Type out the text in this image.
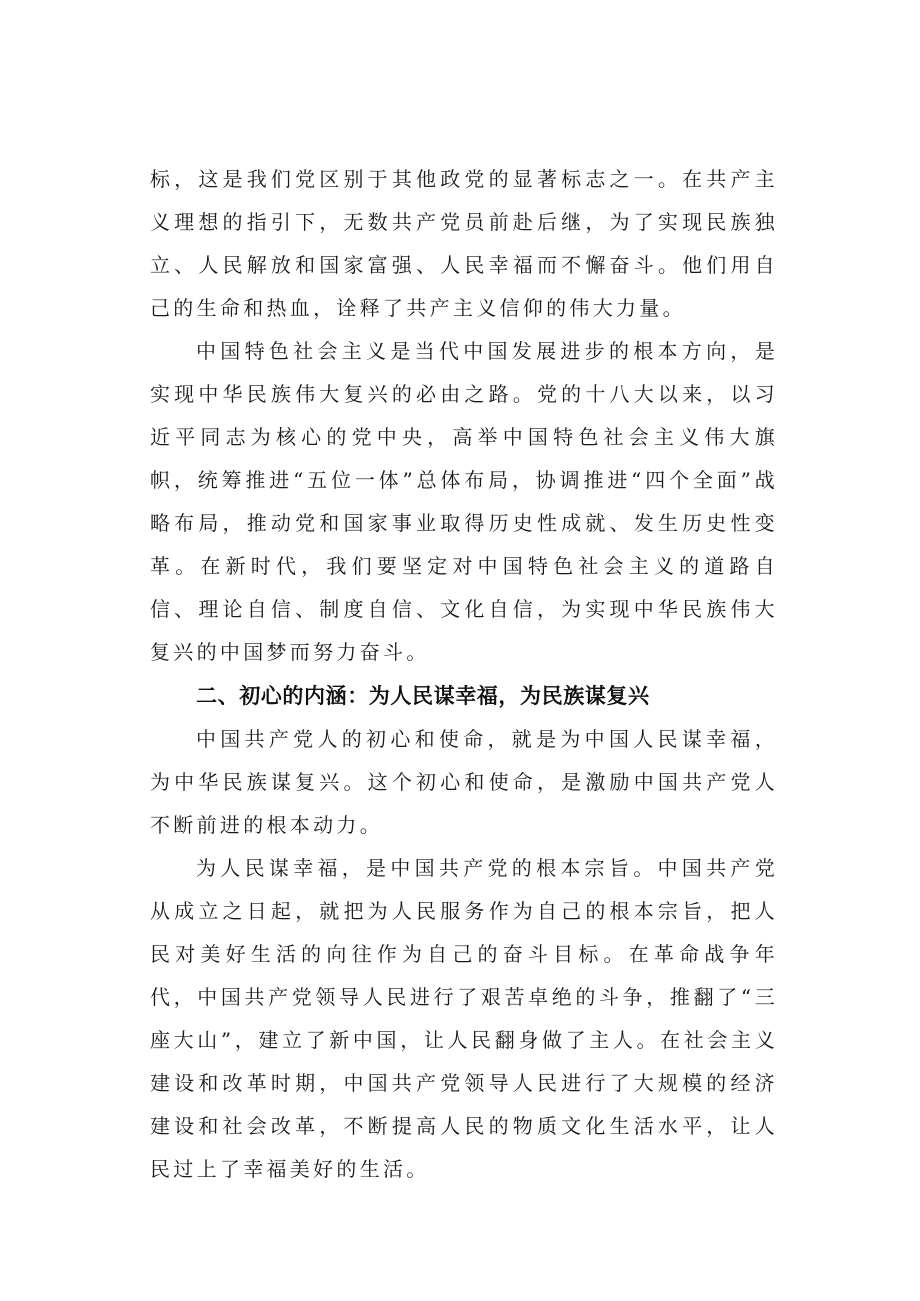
标，这是我们党区别于其他政党的显著标志之一。在共产主义理想的指引下，无数共产党员前赴后继，为了实现民族独立、人民解放和国家富强、人民幸福而不懈奋斗。他们用自己的生命和热血，诠释了共产主义信仰的伟大力量。

中国特色社会主义是当代中国发展进步的根本方向，是实现中华民族伟大复兴的必由之路。党的十八大以来，以习近平同志为核心的党中央，高举中国特色社会主义伟大旗帜，统筹推进“五位一体”总体布局，协调推进“四个全面”战略布局，推动党和国家事业取得历史性成就、发生历史性变革。在新时代，我们要坚定对中国特色社会主义的道路自信、理论自信、制度自信、文化自信，为实现中华民族伟大复兴的中国梦而努力奋斗。

二、初心的内涵：为人民谋幸福，为民族谋复兴

中国共产党人的初心和使命，就是为中国人民谋幸福，为中华民族谋复兴。这个初心和使命，是激励中国共产党人不断前进的根本动力。

为人民谋幸福，是中国共产党的根本宗旨。中国共产党从成立之日起，就把为人民服务作为自己的根本宗旨，把人民对美好生活的向往作为自己的奋斗目标。在革命战争年代，中国共产党领导人民进行了艰苦卓绝的斗争，推翻了“三座大山”，建立了新中国，让人民翻身做了主人。在社会主义建设和改革时期，中国共产党领导人民进行了大规模的经济建设和社会改革，不断提高人民的物质文化生活水平，让人民过上了幸福美好的生活。
